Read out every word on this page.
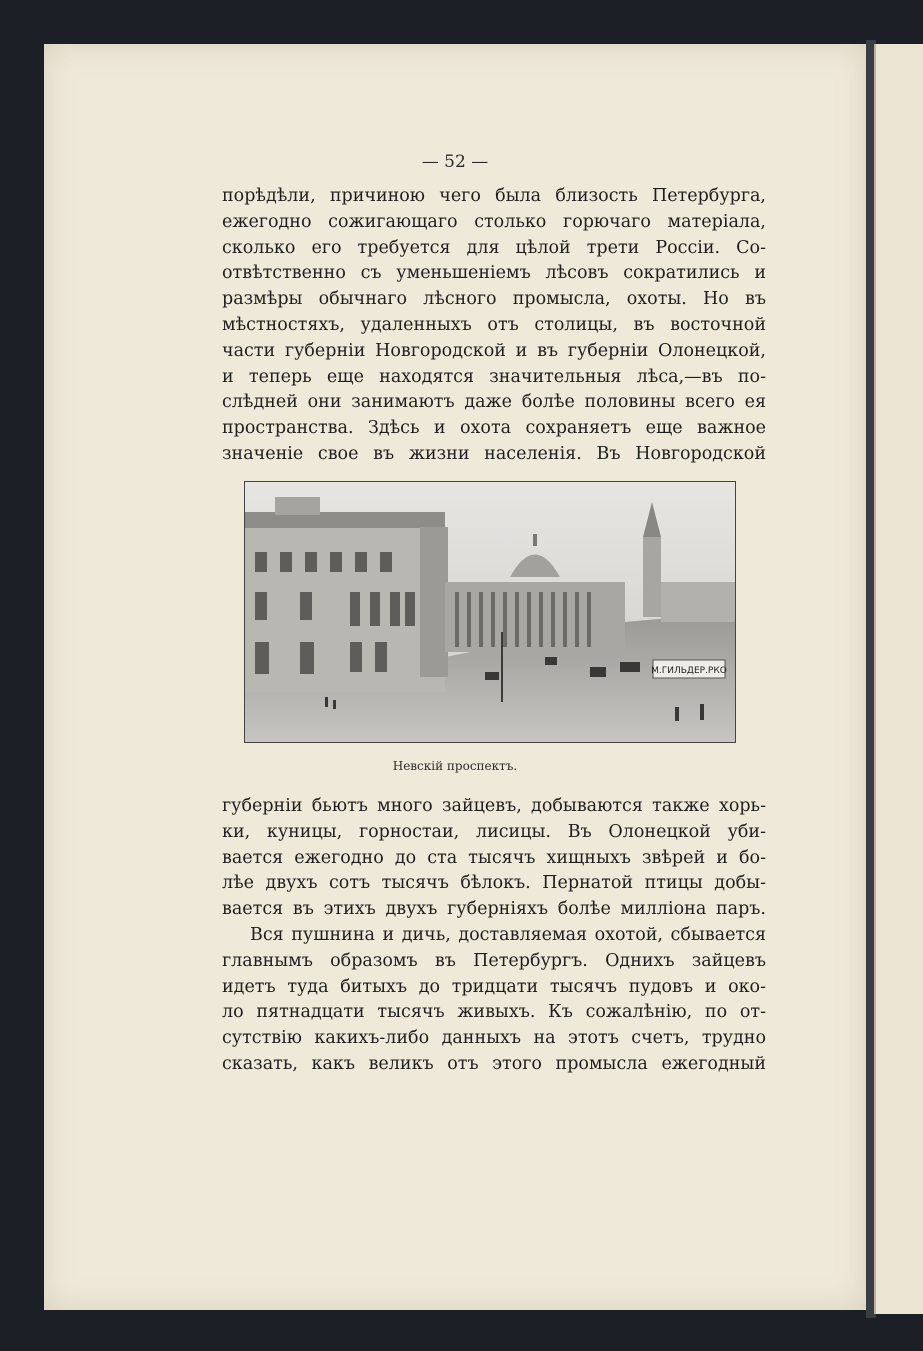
— 52 —
порѣдѣли, причиною чего была близость Петербурга,
ежегодно сожигающаго столько горючаго матеріала,
сколько его требуется для цѣлой трети Россіи. Со-
отвѣтственно съ уменьшеніемъ лѣсовъ сократились и
размѣры обычнаго лѣсного промысла, охоты. Но въ
мѣстностяхъ, удаленныхъ отъ столицы, въ восточной
части губерніи Новгородской и въ губерніи Олонецкой,
и теперь еще находятся значительныя лѣса,—въ по-
слѣдней они занимаютъ даже болѣе половины всего ея
пространства. Здѣсь и охота сохраняетъ еще важное
значеніе свое въ жизни населенія. Въ Новгородской
М.ГИЛЬДЕР.РКО
Невскій проспектъ.
губерніи бьютъ много зайцевъ, добываются также хорь-
ки, куницы, горностаи, лисицы. Въ Олонецкой уби-
вается ежегодно до ста тысячъ хищныхъ звѣрей и бо-
лѣе двухъ сотъ тысячъ бѣлокъ. Пернатой птицы добы-
вается въ этихъ двухъ губерніяхъ болѣе милліона паръ.
Вся пушнина и дичь, доставляемая охотой, сбывается
главнымъ образомъ въ Петербургъ. Однихъ зайцевъ
идетъ туда битыхъ до тридцати тысячъ пудовъ и око-
ло пятнадцати тысячъ живыхъ. Къ сожалѣнію, по от-
сутствію какихъ-либо данныхъ на этотъ счетъ, трудно
сказать, какъ великъ отъ этого промысла ежегодный
